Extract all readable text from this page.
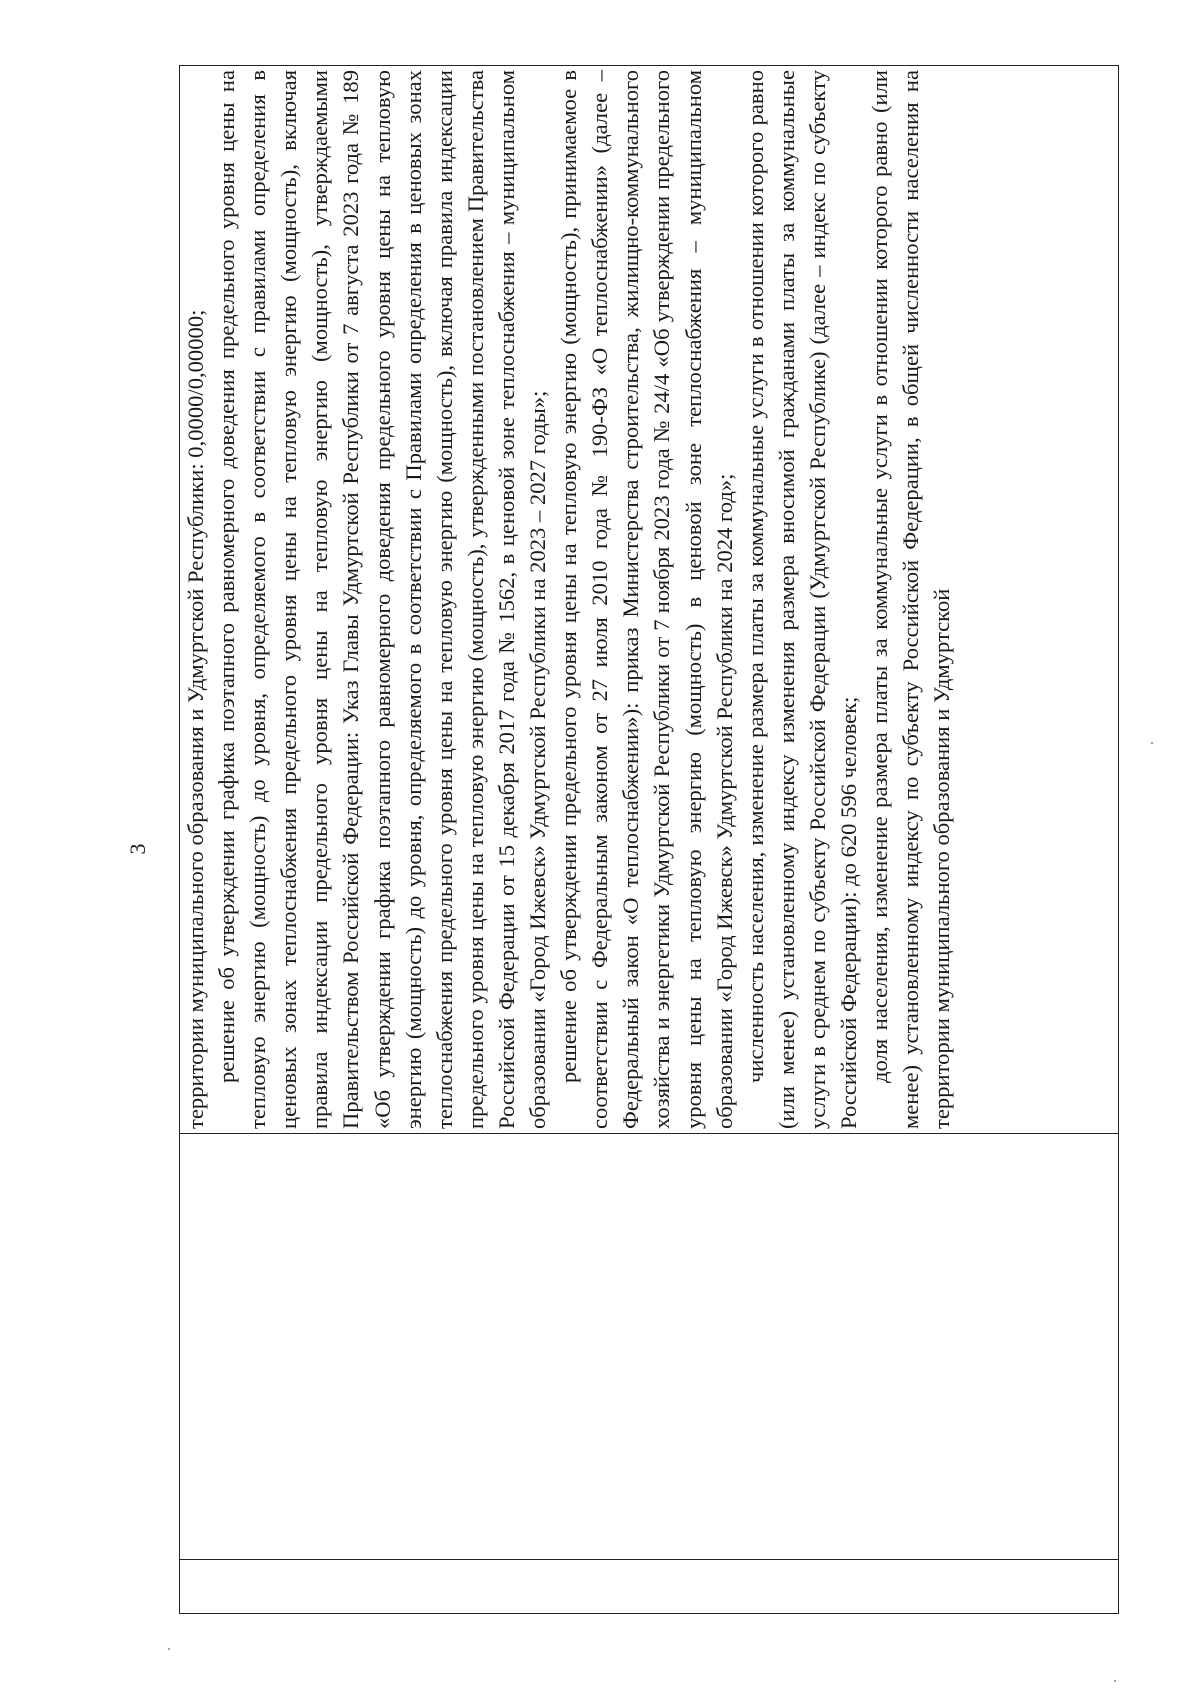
3 территории муниципального образования и Удмуртской Республики: 0,0000/0,00000; решение об утверждении графика поэтапного равномерного доведения предельного уровня цены на тепловую энергию (мощность) до уровня, определяемого в соответствии с правилами определения в ценовых зонах теплоснабжения предельного уровня цены на тепловую энергию (мощность), включая правила индексации предельного уровня цены на тепловую энергию (мощность), утверждаемыми Правительством Российской Федерации: Указ Главы Удмуртской Республики от 7 августа 2023 года № 189 «Об утверждении графика поэтапного равномерного доведения предельного уровня цены на тепловую энергию (мощность) до уровня, определяемого в соответствии с Правилами определения в ценовых зонах теплоснабжения предельного уровня цены на тепловую энергию (мощность), включая правила индексации предельного уровня цены на тепловую энергию (мощность), утвержденными постановлением Правительства Российской Федерации от 15 декабря 2017 года № 1562, в ценовой зоне теплоснабжения – муниципальном образовании «Город Ижевск» Удмуртской Республики на 2023 – 2027 годы»; решение об утверждении предельного уровня цены на тепловую энергию (мощность), принимаемое в соответствии с Федеральным законом от 27 июля 2010 года № 190-ФЗ «О теплоснабжении» (далее – Федеральный закон «О теплоснабжении»): приказ Министерства строительства, жилищно-коммунального хозяйства и энергетики Удмуртской Республики от 7 ноября 2023 года № 24/4 «Об утверждении предельного уровня цены на тепловую энергию (мощность) в ценовой зоне теплоснабжения – муниципальном образовании «Город Ижевск» Удмуртской Республики на 2024 год»; численность населения, изменение размера платы за коммунальные услуги в отношении которого равно (или менее) установленному индексу изменения размера вносимой гражданами платы за коммунальные услуги в среднем по субъекту Российской Федерации (Удмуртской Республике) (далее – индекс по субъекту Российской Федерации): до 620 596 человек; доля населения, изменение размера платы за коммунальные услуги в отношении которого равно (или менее) установленному индексу по субъекту Российской Федерации, в общей численности населения на территории муниципального образования и Удмуртской
